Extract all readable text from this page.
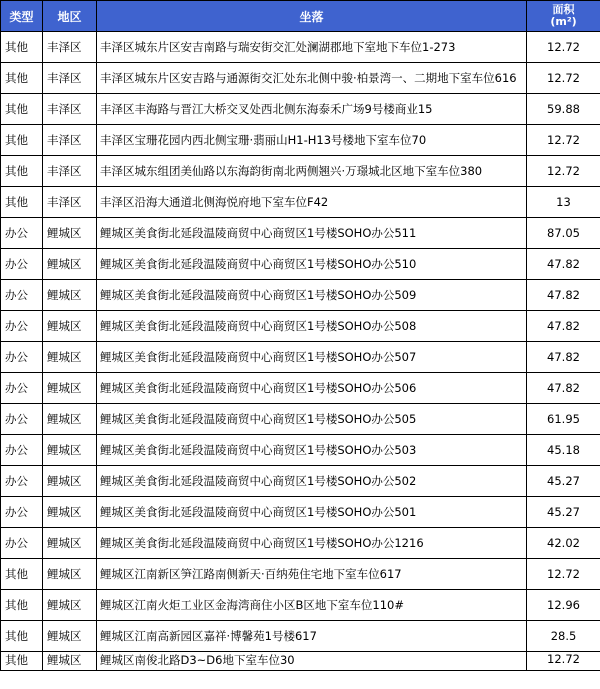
类型	地区	坐落	面积
(m²)

其他	丰泽区	丰泽区城东片区安吉南路与瑞安街交汇处澜湖郡地下室地下车位1-273	12.72
其他	丰泽区	丰泽区城东片区安吉路与通源街交汇处东北侧中骏·柏景湾一、二期地下室车位616	12.72
其他	丰泽区	丰泽区丰海路与晋江大桥交叉处西北侧东海泰禾广场9号楼商业15	59.88
其他	丰泽区	丰泽区宝珊花园内西北侧宝珊·翡丽山H1-H13号楼地下室车位70	12.72
其他	丰泽区	丰泽区城东组团美仙路以东海韵街南北两侧翘兴·万璟城北区地下室车位380	12.72
其他	丰泽区	丰泽区沿海大通道北侧海悦府地下室车位F42	13
办公	鲤城区	鲤城区美食街北延段温陵商贸中心商贸区1号楼SOHO办公511	87.05
办公	鲤城区	鲤城区美食街北延段温陵商贸中心商贸区1号楼SOHO办公510	47.82
办公	鲤城区	鲤城区美食街北延段温陵商贸中心商贸区1号楼SOHO办公509	47.82
办公	鲤城区	鲤城区美食街北延段温陵商贸中心商贸区1号楼SOHO办公508	47.82
办公	鲤城区	鲤城区美食街北延段温陵商贸中心商贸区1号楼SOHO办公507	47.82
办公	鲤城区	鲤城区美食街北延段温陵商贸中心商贸区1号楼SOHO办公506	47.82
办公	鲤城区	鲤城区美食街北延段温陵商贸中心商贸区1号楼SOHO办公505	61.95
办公	鲤城区	鲤城区美食街北延段温陵商贸中心商贸区1号楼SOHO办公503	45.18
办公	鲤城区	鲤城区美食街北延段温陵商贸中心商贸区1号楼SOHO办公502	45.27
办公	鲤城区	鲤城区美食街北延段温陵商贸中心商贸区1号楼SOHO办公501	45.27
办公	鲤城区	鲤城区美食街北延段温陵商贸中心商贸区1号楼SOHO办公1216	42.02
其他	鲤城区	鲤城区江南新区笋江路南侧新天·百纳苑住宅地下室车位617	12.72
其他	鲤城区	鲤城区江南火炬工业区金海湾商住小区B区地下室车位110#	12.96
其他	鲤城区	鲤城区江南高新园区嘉祥·博馨苑1号楼617	28.5
其他	鲤城区	鲤城区南俊北路D3~D6地下室车位30	12.72
